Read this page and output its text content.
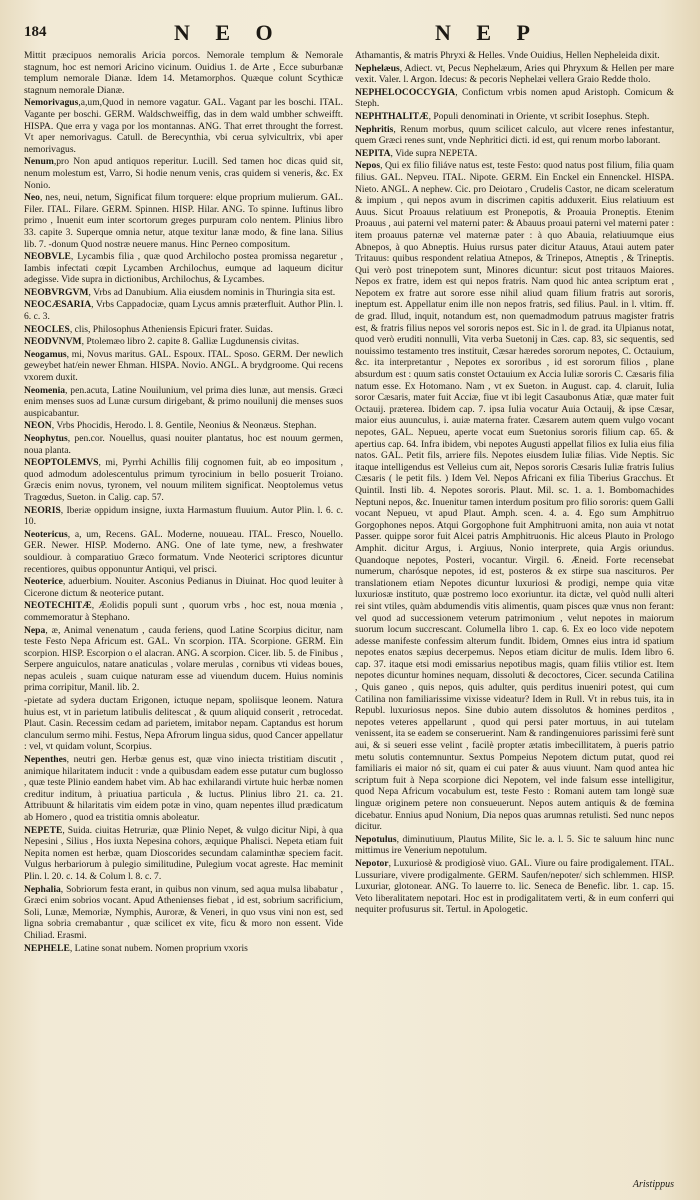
184	N E O	N E P

Mittit præcipuos nemoralis Aricia porcos. Nemorale templum & Nemorale stagnum, hoc est nemori Aricino vicinum. Ouidius 1. de Arte , Ecce suburbanæ templum nemorale Dianæ. Idem 14. Metamorphos. Quæque colunt Scythicæ stagnum nemorale Dianæ.

Nemorivagus,a,um,Quod in nemore vagatur. GAL. Vagant par les boschi. ITAL. Vagante per boschi. GERM. Waldschweiffig, das in dem wald umbher schweifft. HISPA. Que erra y vaga por los montannas. ANG. That erret throught the forrest. Vt aper nemorivagus. Catull. de Berecynthia, vbi cerua sylvicultrix, vbi aper nemorivagus.

Nenum,pro Non apud antiquos reperitur. Lucill. Sed tamen hoc dicas quid sit, nenum molestum est, Varro, Si hodie nenum venis, cras quidem si veneris, &c. Ex Nonio.

Neo, nes, neui, netum, Significat filum torquere: elque proprium mulierum. GAL. Filer. ITAL. Filare. GERM. Spinnen. HISP. Hilar. ANG. To spinne. Iuftinus libro primo , Inuenit eum inter scortorum greges purpuram colo nentem. Plinius libro 33. capite 3. Superque omnia netur, atque texitur lanæ modo, & fine lana. Silius lib. 7. -donum Quod nostræ neuere manus. Hinc Perneo compositum.

NEOBVLE, Lycambis filia , quæ quod Archilocho postea promissa negaretur , Iambis infectati cœpit Lycamben Archilochus, eumque ad laqueum dicitur adegisse. Vide supra in dictionibus, Archilochus, & Lycambes.

NEOBVRGVM, Vrbs ad Danubium. Alia eiusdem nominis in Thuringia sita est.

NEOCÆSARIA, Vrbs Cappadociæ, quam Lycus amnis præterfluit. Author Plin. l. 6. c. 3.

NEOCLES, clis, Philosophus Atheniensis Epicuri frater. Suidas.

NEODVNVM, Ptolemæo libro 2. capite 8. Galliæ Lugdunensis civitas.

Neogamus, mi, Novus maritus. GAL. Espoux. ITAL. Sposo. GERM. Der newlich geweybet hat/ein newer Ehman. HISPA. Novio. ANGL. A brydgroome. Qui recens vxorem duxit.

Neomenia, pen.acuta, Latine Nouilunium, vel prima dies lunæ, aut mensis. Græci enim menses suos ad Lunæ cursum dirigebant, & primo nouilunij die menses suos auspicabantur.

NEON, Vrbs Phocidis, Herodo. l. 8. Gentile, Neonius & Neonæus. Stephan.

Neophytus, pen.cor. Nouellus, quasi nouiter plantatus, hoc est nouum germen, noua planta.

NEOPTOLEMVS, mi, Pyrrhi Achillis filij cognomen fuit, ab eo impositum , quod admodum adolescentulus primum tyrocinium in bello posuerit Troiano. Græcis enim novus, tyronem, vel nouum militem significat. Neoptolemus vetus Tragœdus, Sueton. in Calig. cap. 57.

NEORIS, Iberiæ oppidum insigne, iuxta Harmastum fluuium. Autor Plin. l. 6. c. 10.

Neotericus, a, um, Recens. GAL. Moderne, nouueau. ITAL. Fresco, Nouello. GER. Newer. HISP. Moderno. ANG. One of late tyme, new, a freshwater souldiour. à comparatiuo Græco formatum. Vnde Neoterici scriptores dicuntur recentiores, quibus opponuntur Antiqui, vel prisci.

Neoterice, aduerbium. Nouiter. Asconius Pedianus in Diuinat. Hoc quod leuiter à Cicerone dictum & neoterice putant.

NEOTECHITÆ, Æolidis populi sunt , quorum vrbs , hoc est, noua mœnia , commemoratur à Stephano.

Nepa, æ, Animal venenatum , cauda feriens, quod Latine Scorpius dicitur, nam teste Festo Nepa Africum est. GAL. Vn scorpion. ITA. Scorpione. GERM. Ein scorpion. HISP. Escorpion o el alacran. ANG. A scorpion. Cicer. lib. 5. de Finibus , Serpere anguiculos, natare anaticulas , volare merulas , cornibus vti videas boues, nepas aculeis , suam cuique naturam esse ad viuendum ducem. Huius nominis prima corripitur, Manil. lib. 2.

-pietate ad sydera ductam Erigonen, ictuque nepam, spoliisque leonem. Natura huius est, vt in parietum latibulis delitescat , & quum aliquid conserit , retrocedat. Plaut. Casin. Recessim cedam ad parietem, imitabor nepam. Captandus est horum clanculum sermo mihi. Festus, Nepa Afrorum lingua sidus, quod Cancer appellatur : vel, vt quidam volunt, Scorpius.

Nepenthes, neutri gen. Herbæ genus est, quæ vino iniecta tristitiam discutit , animique hilaritatem inducit : vnde a quibusdam eadem esse putatur cum buglosso , quæ teste Plinio eandem habet vim. Ab hac exhilarandi virtute huic herbæ nomen creditur inditum, à priuatiua particula , & luctus. Plinius libro 21. ca. 21. Attribuunt & hilaritatis vim eidem potæ in vino, quam nepentes illud prædicatum ab Homero , quod ea tristitia omnis aboleatur.

NEPETE, Suida. ciuitas Hetruriæ, quæ Plinio Nepet, & vulgo dicitur Nipi, à qua Nepesini , Silius , Hos iuxta Nepesina cohors, æquique Phalisci. Nepeta etiam fuit Nepita nomen est herbæ, quam Dioscorides secundam calaminthæ speciem facit. Vulgus herbariorum à pulegio similitudine, Pulegium vocat agreste. Hac meminit Plin. l. 20. c. 14. & Colum l. 8. c. 7.

Nephalia, Sobriorum festa erant, in quibus non vinum, sed aqua mulsa libabatur , Græci enim sobrios vocant. Apud Athenienses fiebat , id est, sobrium sacrificium, Soli, Lunæ, Memoriæ, Nymphis, Auroræ, & Veneri, in quo vsus vini non est, sed ligna sobria cremabantur , quæ scilicet ex vite, ficu & moro non essent. Vide Chiliad. Erasmi.

NEPHELE, Latine sonat nubem. Nomen proprium vxoris

Athamantis, & matris Phryxi & Helles. Vnde Ouidius, Hellen Nepheleida dixit.

Nephelæus, Adiect. vt, Pecus Nephelæum, Aries qui Phryxum & Hellen per mare vexit. Valer. l. Argon. Idecus: & pecoris Nephelæi vellera Graio Redde tholo.

NEPHELOCOCCYGIA, Confictum vrbis nomen apud Aristoph. Comicum & Steph.

NEPHTHALITÆ, Populi denominati in Oriente, vt scribit Iosephus. Steph.

Nephritis, Renum morbus, quum scilicet calculo, aut vlcere renes infestantur, quem Græci renes sunt, vnde Nephritici dicti. id est, qui renum morbo laborant.

NEPITA, Vide supra NEPETA.

Nepos, Qui ex filio filiáve natus est, teste Festo: quod natus post filium, filia quam filius. GAL. Nepveu. ITAL. Nipote. GERM. Ein Enckel ein Ennenckel. HISPA. Nieto. ANGL. A nephew. Cic. pro Deiotaro , Crudelis Castor, ne dicam sceleratum & impium , qui nepos avum in discrimen capitis adduxerit. Eius relatiuum est Auus. Sicut Proauus relatiuum est Pronepotis, & Proauia Proneptis. Etenim Proauus , aui paterni vel materni pater: & Abauus proaui paterni vel materni pater : item proauus paternæ vel maternæ pater : à quo Abauia, relatiuumque eius Abnepos, à quo Abneptis. Huius rursus pater dicitur Atauus, Ataui autem pater Tritauus: quibus respondent relatiua Atnepos, & Trinepos, Atneptis , & Trineptis. Qui verò post trinepotem sunt, Minores dicuntur: sicut post tritauos Maiores. Nepos ex fratre, idem est qui nepos fratris. Nam quod hic antea scriptum erat , Nepotem ex fratre aut sorore esse nihil aliud quam filium fratris aut sororis, ineptum est. Appellatur enim ille non nepos fratris, sed filius. Paul. in l. vltim. ff. de grad. Illud, inquit, notandum est, non quemadmodum patruus magister fratris est, & fratris filius nepos vel sororis nepos est. Sic in l. de grad. ita Ulpianus notat, quod verò eruditi nonnulli, Vita verba Suetonij in Cæs. cap. 83, sic sequentis, sed nouissimo testamento tres instituit, Cæsar hæredes sororum nepotes, C. Octauium, &c. ita interpretantur , Nepotes ex sororibus , id est sororum filios , plane absurdum est : quum satis constet Octauium ex Accia Iuliæ sororis C. Cæsaris filia natum esse. Ex Hotomano. Nam , vt ex Sueton. in August. cap. 4. claruit, Iulia soror Cæsaris, mater fuit Acciæ, fiue vt ibi legit Casaubonus Atiæ, quæ mater fuit Octauij. præterea. Ibidem cap. 7. ipsa Iulia vocatur Auia Octauij, & ipse Cæsar, maior eius auunculus, i. auiæ materna frater. Cæsarem autem quem vulgo vocant nepotes, GAL. Nepueu, aperte vocat eum Suetonius sororis filium cap. 65. & apertius cap. 64. Infra ibidem, vbi nepotes Augusti appellat filios ex Iulia eius filia natos. GAL. Petit fils, arriere fils. Nepotes eiusdem Iuliæ filias. Vide Neptis. Sic itaque intelligendus est Velleius cum ait, Nepos sororis Cæsaris Iuliæ fratris Iulius Cæsaris ( le petit fils. ) Idem Vel. Nepos Africani ex filia Tiberius Gracchus. Et Quintil. Insti lib. 4. Nepotes sororis. Plaut. Mil. sc. 1. a. 1. Bombomachides Neptuni nepos, &c. Inuenitur tamen interdum positum pro filio sororis: quem Galli vocant Nepueu, vt apud Plaut. Amph. scen. 4. a. 4. Ego sum Amphitruo Gorgophones nepos. Atqui Gorgophone fuit Amphitruoni amita, non auia vt notat Passer. quippe soror fuit Alcei patris Amphitruonis. Hic alceus Plauto in Prologo Amphit. dicitur Argus, i. Argiuus, Nonio interprete, quia Argis oriundus. Quandoque nepotes, Posteri, vocantur. Virgil. 6. Æneid. Forte recensebat numerum, charósque nepotes, id est, posteros & ex stirpe sua nascituros. Per translationem etiam Nepotes dicuntur luxuriosi & prodigi, nempe quia vitæ luxuriosæ instituto, quæ postremo loco exoriuntur. ita dictæ, vel quòd nulli alteri rei sint vtiles, quàm abdumendis vitis alimentis, quam pisces quæ vnus non ferant: vel quod ad successionem veterum patrimonium , velut nepotes in maiorum suorum locum succrescant. Columella libro 1. cap. 6. Ex eo loco vide nepotem adesse manifeste confessim alterum fundit. Ibidem, Omnes eius intra id spatium nepotes enatos sæpius decerpemus. Nepos etiam dicitur de mulis. Idem libro 6. cap. 37. itaque etsi modi emissarius nepotibus magis, quam filiis vtilior est. Item nepotes dicuntur homines nequam, dissoluti & decoctores, Cicer. secunda Catilina , Quis ganeo , quis nepos, quis adulter, quis perditus inueniri potest, qui cum Catilina non familiarissime vixisse videatur? Idem in Rull. Vt in rebus tuis, ita in Republ. luxuriosus nepos. Sine dubio autem dissolutos & homines perditos , nepotes veteres appellarunt , quod qui persi pater mortuus, in aui tutelam venissent, ita se eadem se conseruerint. Nam & randingenuiores parissimi ferè sunt aui, & si seueri esse velint , facilè propter ætatis imbecillitatem, à pueris patrio metu solutis contemnuntur. Sextus Pompeius Nepotem dictum putat, quod rei familiaris ei maior nó sit, quam ei cui pater & auus viuunt. Nam quod antea hic scriptum fuit à Nepa scorpione dici Nepotem, vel inde falsum esse intelligitur, quod Nepa Africum vocabulum est, teste Festo : Romani autem tam longè suæ linguæ originem petere non consueuerunt. Nepos autem antiquis & de fœmina dicebatur. Ennius apud Nonium, Dia nepos quas arumnas retulisti. Sed nunc nepos dicitur.

Nepotulus, diminutiuum, Plautus Milite, Sic le. a. l. 5. Sic te saluum hinc nunc mittimus ire Venerium nepotulum.

Nepotor, Luxuriosè & prodigiosè viuo. GAL. Viure ou faire prodigalement. ITAL. Lussuriare, vivere prodigalmente. GERM. Saufen/nepoter/ sich schlemmen. HISP. Luxuriar, glotonear. ANG. To lauerre to. lic. Seneca de Benefic. libr. 1. cap. 15. Veto liberalitatem nepotari. Hoc est in prodigalitatem verti, & in eum conferri qui nequiter profusurus sit. Tertul. in Apologetic.

Aristippus
